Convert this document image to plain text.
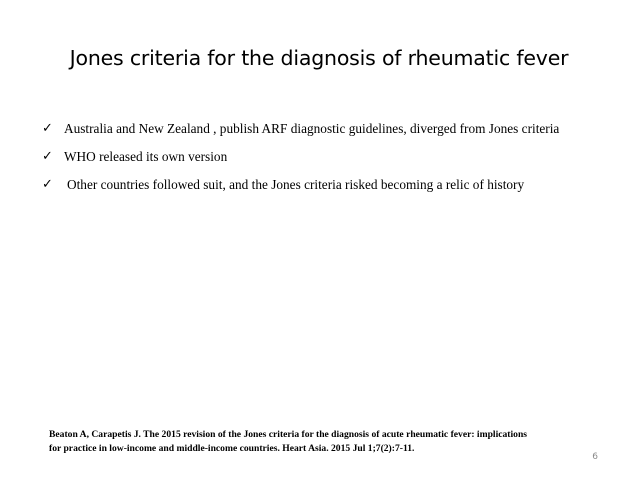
Jones criteria for the diagnosis of rheumatic fever
✓ Australia and New Zealand , publish ARF diagnostic guidelines, diverged from Jones criteria
✓ WHO released its own version
✓ Other countries followed suit, and the Jones criteria risked becoming a relic of history
Beaton A, Carapetis J. The 2015 revision of the Jones criteria for the diagnosis of acute rheumatic fever: implications
for practice in low-income and middle-income countries. Heart Asia. 2015 Jul 1;7(2):7-11.
6
